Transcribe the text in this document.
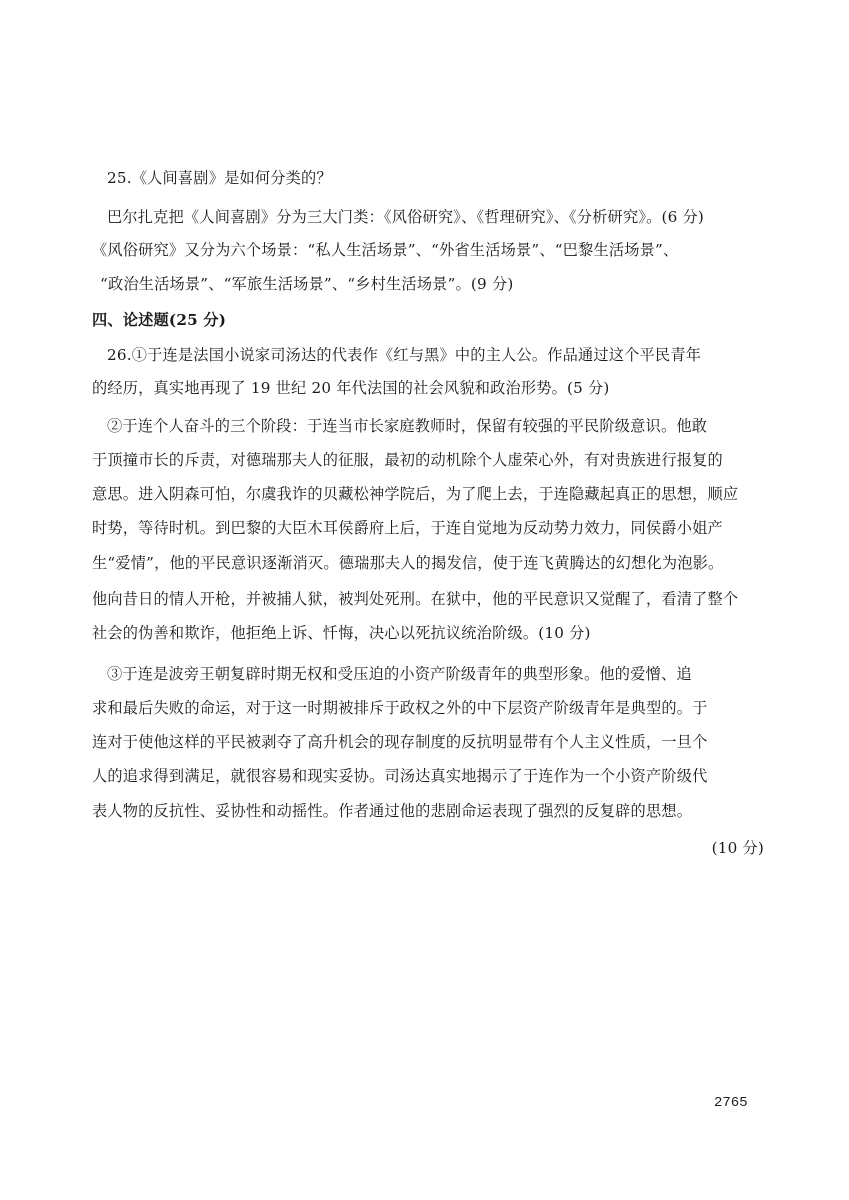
25.《人间喜剧》是如何分类的？
巴尔扎克把《人间喜剧》分为三大门类：《风俗研究》、《哲理研究》、《分析研究》。(6 分)
《风俗研究》又分为六个场景：“私人生活场景”、“外省生活场景”、“巴黎生活场景”、
“政治生活场景”、“军旅生活场景”、“乡村生活场景”。(9 分)
四、论述题(25 分)
26.①于连是法国小说家司汤达的代表作《红与黑》中的主人公。作品通过这个平民青年
的经历，真实地再现了 19 世纪 20 年代法国的社会风貌和政治形势。(5 分)
②于连个人奋斗的三个阶段：于连当市长家庭教师时，保留有较强的平民阶级意识。他敢
于顶撞市长的斥责，对德瑞那夫人的征服，最初的动机除个人虚荣心外，有对贵族进行报复的
意思。进入阴森可怕，尔虞我诈的贝藏松神学院后，为了爬上去，于连隐藏起真正的思想，顺应
时势，等待时机。到巴黎的大臣木耳侯爵府上后，于连自觉地为反动势力效力，同侯爵小姐产
生“爱情”，他的平民意识逐渐消灭。德瑞那夫人的揭发信，使于连飞黄腾达的幻想化为泡影。
他向昔日的情人开枪，并被捕人狱，被判处死刑。在狱中，他的平民意识又觉醒了，看清了整个
社会的伪善和欺诈，他拒绝上诉、忏悔，决心以死抗议统治阶级。(10 分)
③于连是波旁王朝复辟时期无权和受压迫的小资产阶级青年的典型形象。他的爱憎、追
求和最后失败的命运，对于这一时期被排斥于政权之外的中下层资产阶级青年是典型的。于
连对于使他这样的平民被剥夺了高升机会的现存制度的反抗明显带有个人主义性质，一旦个
人的追求得到满足，就很容易和现实妥协。司汤达真实地揭示了于连作为一个小资产阶级代
表人物的反抗性、妥协性和动摇性。作者通过他的悲剧命运表现了强烈的反复辟的思想。
(10 分)
2765
